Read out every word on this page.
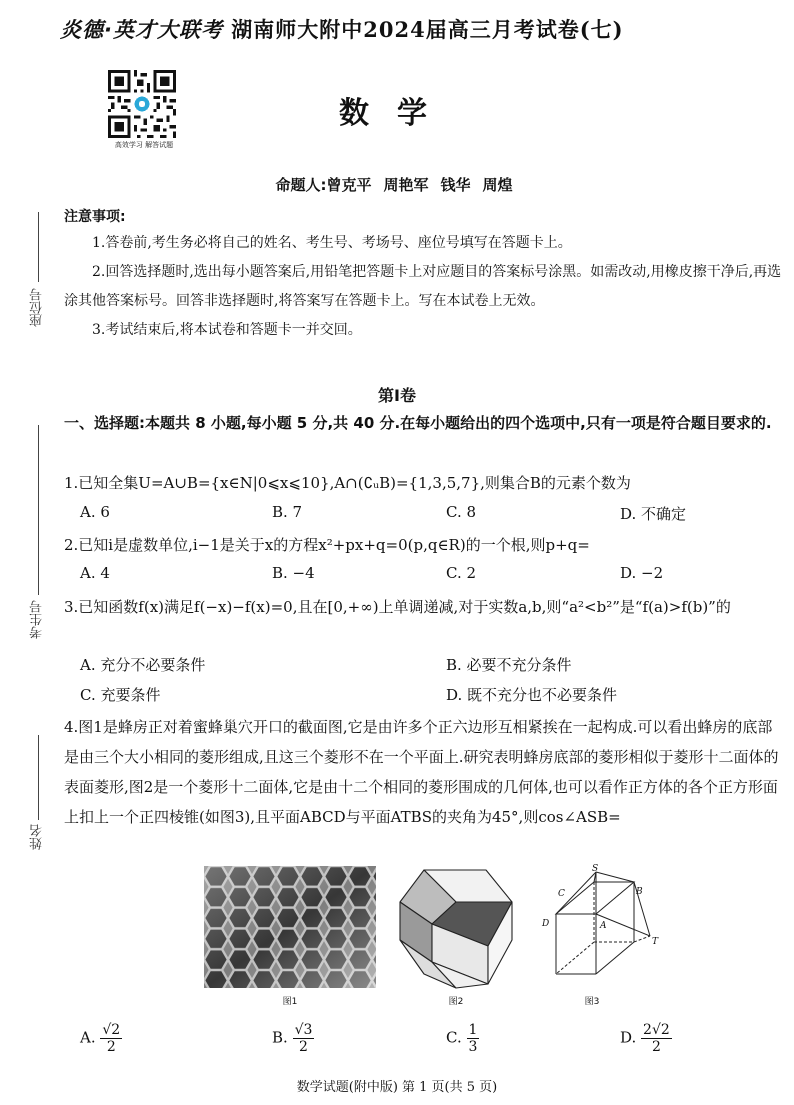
炎德·英才大联考 湖南师大附中2024届高三月考试卷(七)
高效学习 解答试题
数学
命题人:曾克平 周艳军 钱华 周煌
座位号
考生号
姓名
注意事项:
1.答卷前,考生务必将自己的姓名、考生号、考场号、座位号填写在答题卡上。
2.回答选择题时,选出每小题答案后,用铅笔把答题卡上对应题目的答案标号涂黑。如需改动,用橡皮擦干净后,再选涂其他答案标号。回答非选择题时,将答案写在答题卡上。写在本试卷上无效。
3.考试结束后,将本试卷和答题卡一并交回。
第Ⅰ卷
一、选择题:本题共 8 小题,每小题 5 分,共 40 分.在每小题给出的四个选项中,只有一项是符合题目要求的.
1.已知全集U=A∪B={x∈N|0⩽x⩽10},A∩(∁ᵤB)={1,3,5,7},则集合B的元素个数为
A. 6	B. 7	C. 8	D. 不确定
2.已知i是虚数单位,i−1是关于x的方程x²+px+q=0(p,q∈R)的一个根,则p+q=
A. 4	B. −4	C. 2	D. −2
3.已知函数f(x)满足f(−x)−f(x)=0,且在[0,+∞)上单调递减,对于实数a,b,则“a²<b²”是“f(a)>f(b)”的
A. 充分不必要条件	B. 必要不充分条件
C. 充要条件	D. 既不充分也不必要条件
4.图1是蜂房正对着蜜蜂巢穴开口的截面图,它是由许多个正六边形互相紧挨在一起构成.可以看出蜂房的底部是由三个大小相同的菱形组成,且这三个菱形不在一个平面上.研究表明蜂房底部的菱形相似于菱形十二面体的表面菱形,图2是一个菱形十二面体,它是由十二个相同的菱形围成的几何体,也可以看作正方体的各个正方形面上扣上一个正四棱锥(如图3),且平面ABCD与平面ATBS的夹角为45°,则cos∠ASB=
图1	图2
S
C	B
D	A
T
图3
A. $\frac{√2}{2}$	B. $\frac{√3}{2}$	C. $\frac{1}{3}$	D. $\frac{2√2}{2}$
数学试题(附中版) 第 1 页(共 5 页)
